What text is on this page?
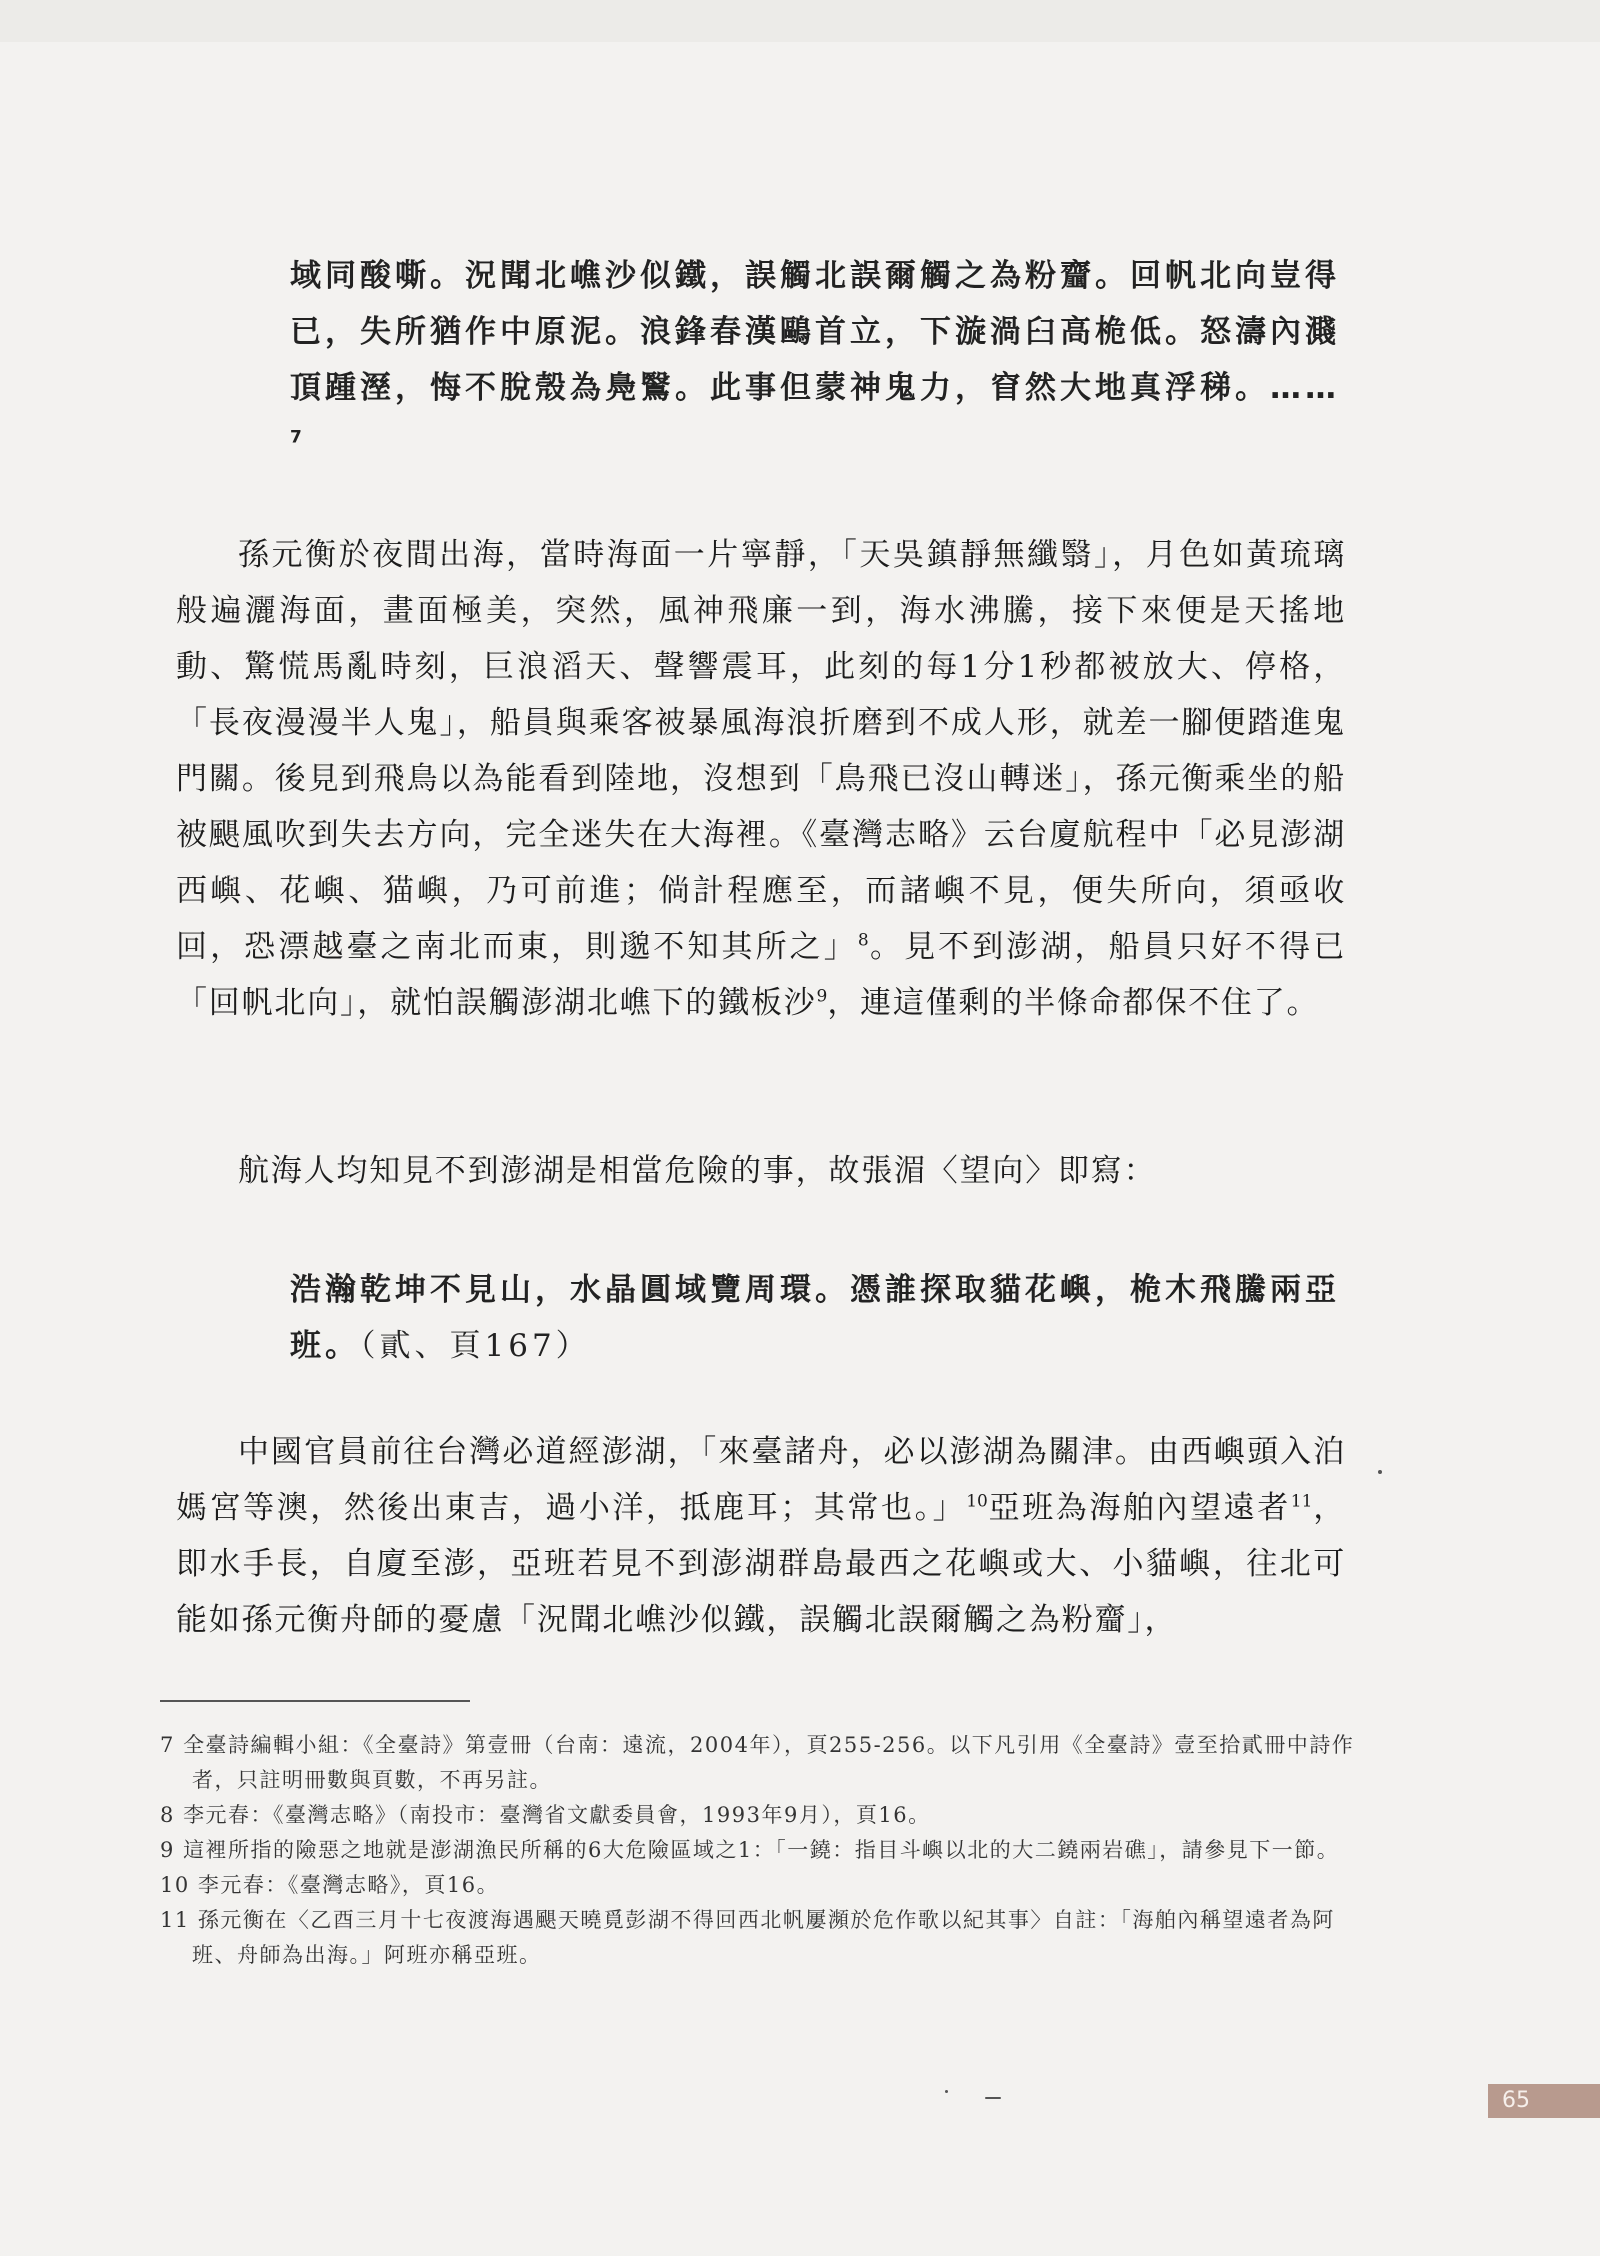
域同酸嘶。況聞北嶕沙似鐵，誤觸北誤爾觸之為粉齏。回帆北向豈得已，失所猶作中原泥。浪鋒春漢鷗首立，下漩渦臼高桅低。怒濤內濺頂踵溼，悔不脫殼為鳧鷖。此事但蒙神鬼力，窅然大地真浮稊。……$^7$

孫元衡於夜間出海，當時海面一片寧靜，「天吳鎮靜無纖翳」，月色如黃琉璃般遍灑海面，畫面極美，突然，風神飛廉一到，海水沸騰，接下來便是天搖地動、驚慌馬亂時刻，巨浪滔天、聲響震耳，此刻的每1分1秒都被放大、停格，「長夜漫漫半人鬼」，船員與乘客被暴風海浪折磨到不成人形，就差一腳便踏進鬼門關。後見到飛鳥以為能看到陸地，沒想到「鳥飛已沒山轉迷」，孫元衡乘坐的船被颶風吹到失去方向，完全迷失在大海裡。《臺灣志略》云台廈航程中「必見澎湖西嶼、花嶼、猫嶼，乃可前進；倘計程應至，而諸嶼不見，便失所向，須亟收回，恐漂越臺之南北而東，則邈不知其所之」$^8$。見不到澎湖，船員只好不得已「回帆北向」，就怕誤觸澎湖北嶕下的鐵板沙$^9$，連這僅剩的半條命都保不住了。

航海人均知見不到澎湖是相當危險的事，故張湄〈望向〉即寫：

浩瀚乾坤不見山，水晶圓域覽周環。憑誰探取貓花嶼，桅木飛騰兩亞班。（貳、頁167）

中國官員前往台灣必道經澎湖，「來臺諸舟，必以澎湖為關津。由西嶼頭入泊媽宮等澳，然後出東吉，過小洋，抵鹿耳；其常也。」$^{10}$亞班為海舶內望遠者$^{11}$，即水手長，自廈至澎，亞班若見不到澎湖群島最西之花嶼或大、小貓嶼，往北可能如孫元衡舟師的憂慮「況聞北嶕沙似鐵，誤觸北誤爾觸之為粉齏」，

7 全臺詩編輯小組：《全臺詩》第壹冊（台南：遠流，2004年），頁255-256。以下凡引用《全臺詩》壹至拾貳冊中詩作者，只註明冊數與頁數，不再另註。

8 李元春：《臺灣志略》（南投市：臺灣省文獻委員會，1993年9月），頁16。

9 這裡所指的險惡之地就是澎湖漁民所稱的6大危險區域之1：「一鐃：指目斗嶼以北的大二鐃兩岩礁」，請參見下一節。

10 李元春：《臺灣志略》，頁16。

11 孫元衡在〈乙酉三月十七夜渡海遇颶天曉覓彭湖不得回西北帆屢瀕於危作歌以紀其事〉自註：「海舶內稱望遠者為阿班、舟師為出海。」阿班亦稱亞班。

65
